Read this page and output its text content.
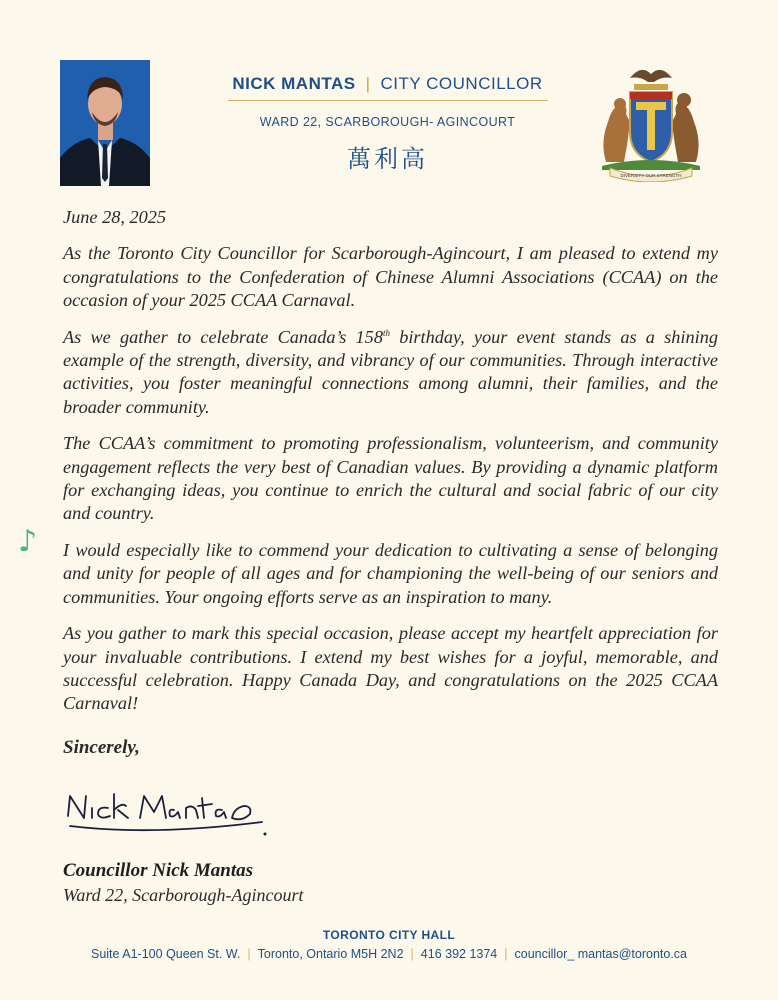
NICK MANTAS | CITY COUNCILLOR
WARD 22, SCARBOROUGH- AGINCOURT
萬利高
DIVERSITY OUR STRENGTH

June 28, 2025

As the Toronto City Councillor for Scarborough-Agincourt, I am pleased to extend my congratulations to the Confederation of Chinese Alumni Associations (CCAA) on the occasion of your 2025 CCAA Carnaval.

As we gather to celebrate Canada’s 158th birthday, your event stands as a shining example of the strength, diversity, and vibrancy of our communities. Through interactive activities, you foster meaningful connections among alumni, their families, and the broader community.

The CCAA’s commitment to promoting professionalism, volunteerism, and community engagement reflects the very best of Canadian values. By providing a dynamic platform for exchanging ideas, you continue to enrich the cultural and social fabric of our city and country.

I would especially like to commend your dedication to cultivating a sense of belonging and unity for people of all ages and for championing the well-being of our seniors and communities. Your ongoing efforts serve as an inspiration to many.

As you gather to mark this special occasion, please accept my heartfelt appreciation for your invaluable contributions. I extend my best wishes for a joyful, memorable, and successful celebration. Happy Canada Day, and congratulations on the 2025 CCAA Carnaval!

Sincerely,

♪
Councillor Nick Mantas
Ward 22, Scarborough-Agincourt
TORONTO CITY HALL
Suite A1-100 Queen St. W. | Toronto, Ontario M5H 2N2 | 416 392 1374 | councillor_ mantas@toronto.ca
